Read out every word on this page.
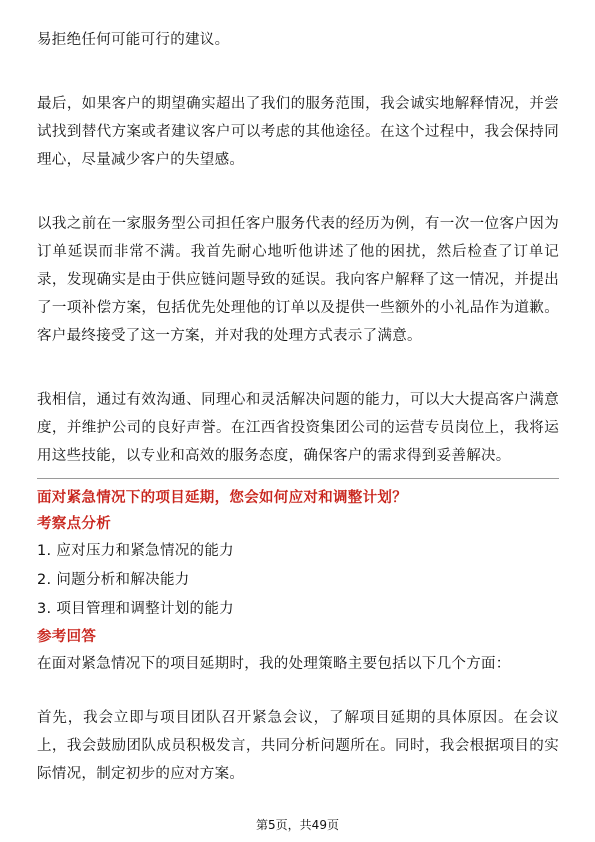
易拒绝任何可能可行的建议。

最后，如果客户的期望确实超出了我们的服务范围，我会诚实地解释情况，并尝试找到替代方案或者建议客户可以考虑的其他途径。在这个过程中，我会保持同理心，尽量减少客户的失望感。

以我之前在一家服务型公司担任客户服务代表的经历为例，有一次一位客户因为订单延误而非常不满。我首先耐心地听他讲述了他的困扰，然后检查了订单记录，发现确实是由于供应链问题导致的延误。我向客户解释了这一情况，并提出了一项补偿方案，包括优先处理他的订单以及提供一些额外的小礼品作为道歉。客户最终接受了这一方案，并对我的处理方式表示了满意。

我相信，通过有效沟通、同理心和灵活解决问题的能力，可以大大提高客户满意度，并维护公司的良好声誉。在江西省投资集团公司的运营专员岗位上，我将运用这些技能，以专业和高效的服务态度，确保客户的需求得到妥善解决。

面对紧急情况下的项目延期，您会如何应对和调整计划？

考察点分析

1. 应对压力和紧急情况的能力
2. 问题分析和解决能力
3. 项目管理和调整计划的能力

参考回答

在面对紧急情况下的项目延期时，我的处理策略主要包括以下几个方面：

首先，我会立即与项目团队召开紧急会议，了解项目延期的具体原因。在会议上，我会鼓励团队成员积极发言，共同分析问题所在。同时，我会根据项目的实际情况，制定初步的应对方案。

第5页，共49页
